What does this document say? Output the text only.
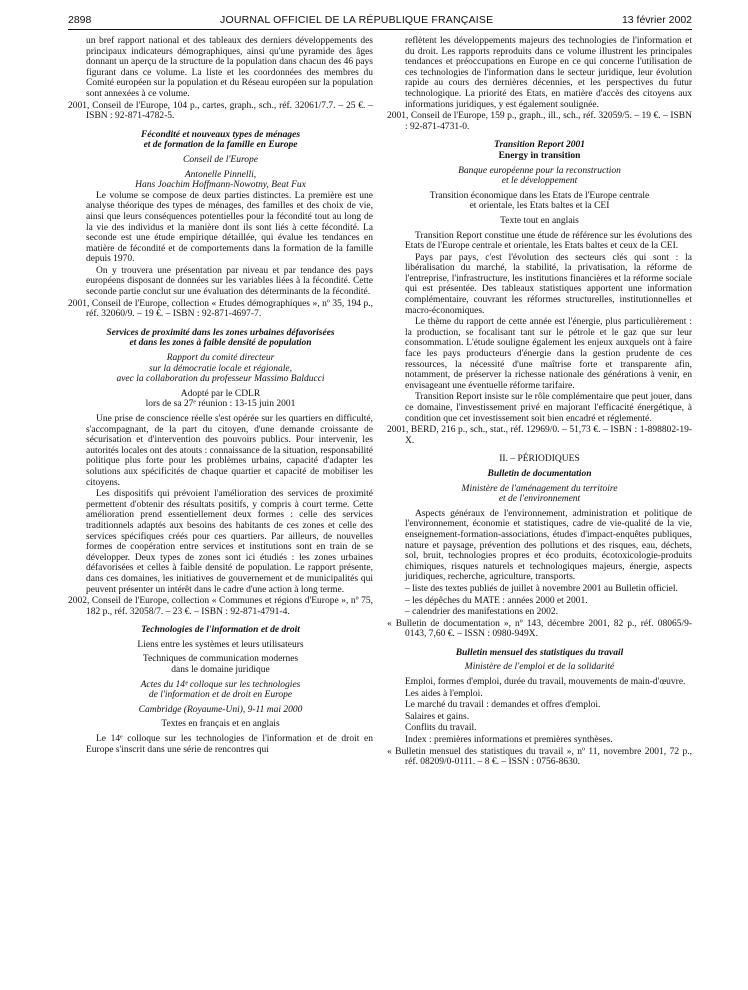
2898	JOURNAL OFFICIEL DE LA RÉPUBLIQUE FRANÇAISE	13 février 2002

un bref rapport national et des tableaux des derniers développements des principaux indicateurs démographiques, ainsi qu'une pyramide des âges donnant un aperçu de la structure de la population dans chacun des 46 pays figurant dans ce volume. La liste et les coordonnées des membres du Comité européen sur la population et du Réseau européen sur la population sont annexées à ce volume.

2001, Conseil de l'Europe, 104 p., cartes, graph., sch., réf. 32061/7.7. – 25 €. – ISBN : 92-871-4782-5.

Fécondité et nouveaux types de ménages

et de formation de la famille en Europe

Conseil de l'Europe

Antonelle Pinnelli,

Hans Joachim Hoffmann-Nowotny, Beat Fux

Le volume se compose de deux parties distinctes. La première est une analyse théorique des types de ménages, des familles et des choix de vie, ainsi que leurs conséquences potentielles pour la fécondité tout au long de la vie des individus et la manière dont ils sont liés à cette fécondité. La seconde est une étude empirique détaillée, qui évalue les tendances en matière de fécondité et de comportements dans la formation de la famille depuis 1970.

On y trouvera une présentation par niveau et par tendance des pays européens disposant de données sur les variables liées à la fécondité. Cette seconde partie conclut sur une évaluation des déterminants de la fécondité.

2001, Conseil de l'Europe, collection « Etudes démographiques », nº 35, 194 p., réf. 32060/9. – 19 €. – ISBN : 92-871-4697-7.

Services de proximité dans les zones urbaines défavorisées

et dans les zones à faible densité de population

Rapport du comité directeur

sur la démocratie locale et régionale,

avec la collaboration du professeur Massimo Balducci

Adopté par le CDLR

lors de sa 27ᵉ réunion : 13-15 juin 2001

Une prise de conscience réelle s'est opérée sur les quartiers en difficulté, s'accompagnant, de la part du citoyen, d'une demande croissante de sécurisation et d'intervention des pouvoirs publics. Pour intervenir, les autorités locales ont des atouts : connaissance de la situation, responsabilité politique plus forte pour les problèmes urbains, capacité d'adapter les solutions aux spécificités de chaque quartier et capacité de mobiliser les citoyens.

Les dispositifs qui prévoient l'amélioration des services de proximité permettent d'obtenir des résultats positifs, y compris à court terme. Cette amélioration prend essentiellement deux formes : celle des services traditionnels adaptés aux besoins des habitants de ces zones et celle des services spécifiques créés pour ces quartiers. Par ailleurs, de nouvelles formes de coopération entre services et institutions sont en train de se développer. Deux types de zones sont ici étudiés : les zones urbaines défavorisées et celles à faible densité de population. Le rapport présente, dans ces domaines, les initiatives de gouvernement et de municipalités qui peuvent présenter un intérêt dans le cadre d'une action à long terme.

2002, Conseil de l'Europe, collection « Communes et régions d'Europe », nº 75, 182 p., réf. 32058/7. – 23 €. – ISBN : 92-871-4791-4.

Technologies de l'information et de droit

Liens entre les systèmes et leurs utilisateurs

Techniques de communication modernes

dans le domaine juridique

Actes du 14ᵉ colloque sur les technologies

de l'information et de droit en Europe

Cambridge (Royaume-Uni), 9-11 mai 2000

Textes en français et en anglais

Le 14ᵉ colloque sur les technologies de l'information et de droit en Europe s'inscrit dans une série de rencontres qui

reflètent les développements majeurs des technologies de l'information et du droit. Les rapports reproduits dans ce volume illustrent les principales tendances et préoccupations en Europe en ce qui concerne l'utilisation de ces technologies de l'information dans le secteur juridique, leur évolution rapide au cours des dernières décennies, et les perspectives du futur technologique. La priorité des Etats, en matière d'accès des citoyens aux informations juridiques, y est également soulignée.

2001, Conseil de l'Europe, 159 p., graph., ill., sch., réf. 32059/5. – 19 €. – ISBN : 92-871-4731-0.

Transition Report 2001

Energy in transition

Banque européenne pour la reconstruction

et le développement

Transition économique dans les Etats de l'Europe centrale

et orientale, les Etats baltes et la CEI

Texte tout en anglais

Transition Report constitue une étude de référence sur les évolutions des Etats de l'Europe centrale et orientale, les Etats baltes et ceux de la CEI.

Pays par pays, c'est l'évolution des secteurs clés qui sont : la libéralisation du marché, la stabilité, la privatisation, la réforme de l'entreprise, l'infrastructure, les institutions financières et la réforme sociale qui est présentée. Des tableaux statistiques apportent une information complémentaire, couvrant les réformes structurelles, institutionnelles et macro-économiques.

Le thème du rapport de cette année est l'énergie, plus particulièrement : la production, se focalisant tant sur le pétrole et le gaz que sur leur consommation. L'étude souligne également les enjeux auxquels ont à faire face les pays producteurs d'énergie dans la gestion prudente de ces ressources, la nécessité d'une maîtrise forte et transparente afin, notamment, de préserver la richesse nationale des générations à venir, en envisageant une éventuelle réforme tarifaire.

Transition Report insiste sur le rôle complémentaire que peut jouer, dans ce domaine, l'investissement privé en majorant l'efficacité énergétique, à condition que cet investissement soit bien encadré et réglementé.

2001, BERD, 216 p., sch., stat., réf. 12969/0. – 51,73 €. – ISBN : 1-898802-19-X.

II. – PÉRIODIQUES

Bulletin de documentation

Ministère de l'aménagement du territoire

et de l'environnement

Aspects généraux de l'environnement, administration et politique de l'environnement, économie et statistiques, cadre de vie-qualité de la vie, enseignement-formation-associations, études d'impact-enquêtes publiques, nature et paysage, prévention des pollutions et des risques, eau, déchets, sol, bruit, technologies propres et éco produits, écotoxicologie-produits chimiques, risques naturels et technologiques majeurs, énergie, aspects juridiques, recherche, agriculture, transports.

– liste des textes publiés de juillet à novembre 2001 au Bulletin officiel.

– les dépêches du MATE : années 2000 et 2001.

– calendrier des manifestations en 2002.

« Bulletin de documentation », nº 143, décembre 2001, 82 p., réf. 08065/9-0143, 7,60 €. – ISSN : 0980-949X.

Bulletin mensuel des statistiques du travail

Ministère de l'emploi et de la solidarité

Emploi, formes d'emploi, durée du travail, mouvements de main-d'œuvre.

Les aides à l'emploi.

Le marché du travail : demandes et offres d'emploi.

Salaires et gains.

Conflits du travail.

Index : premières informations et premières synthèses.

« Bulletin mensuel des statistiques du travail », nº 11, novembre 2001, 72 p., réf. 08209/0-0111. – 8 €. – ISSN : 0756-8630.
